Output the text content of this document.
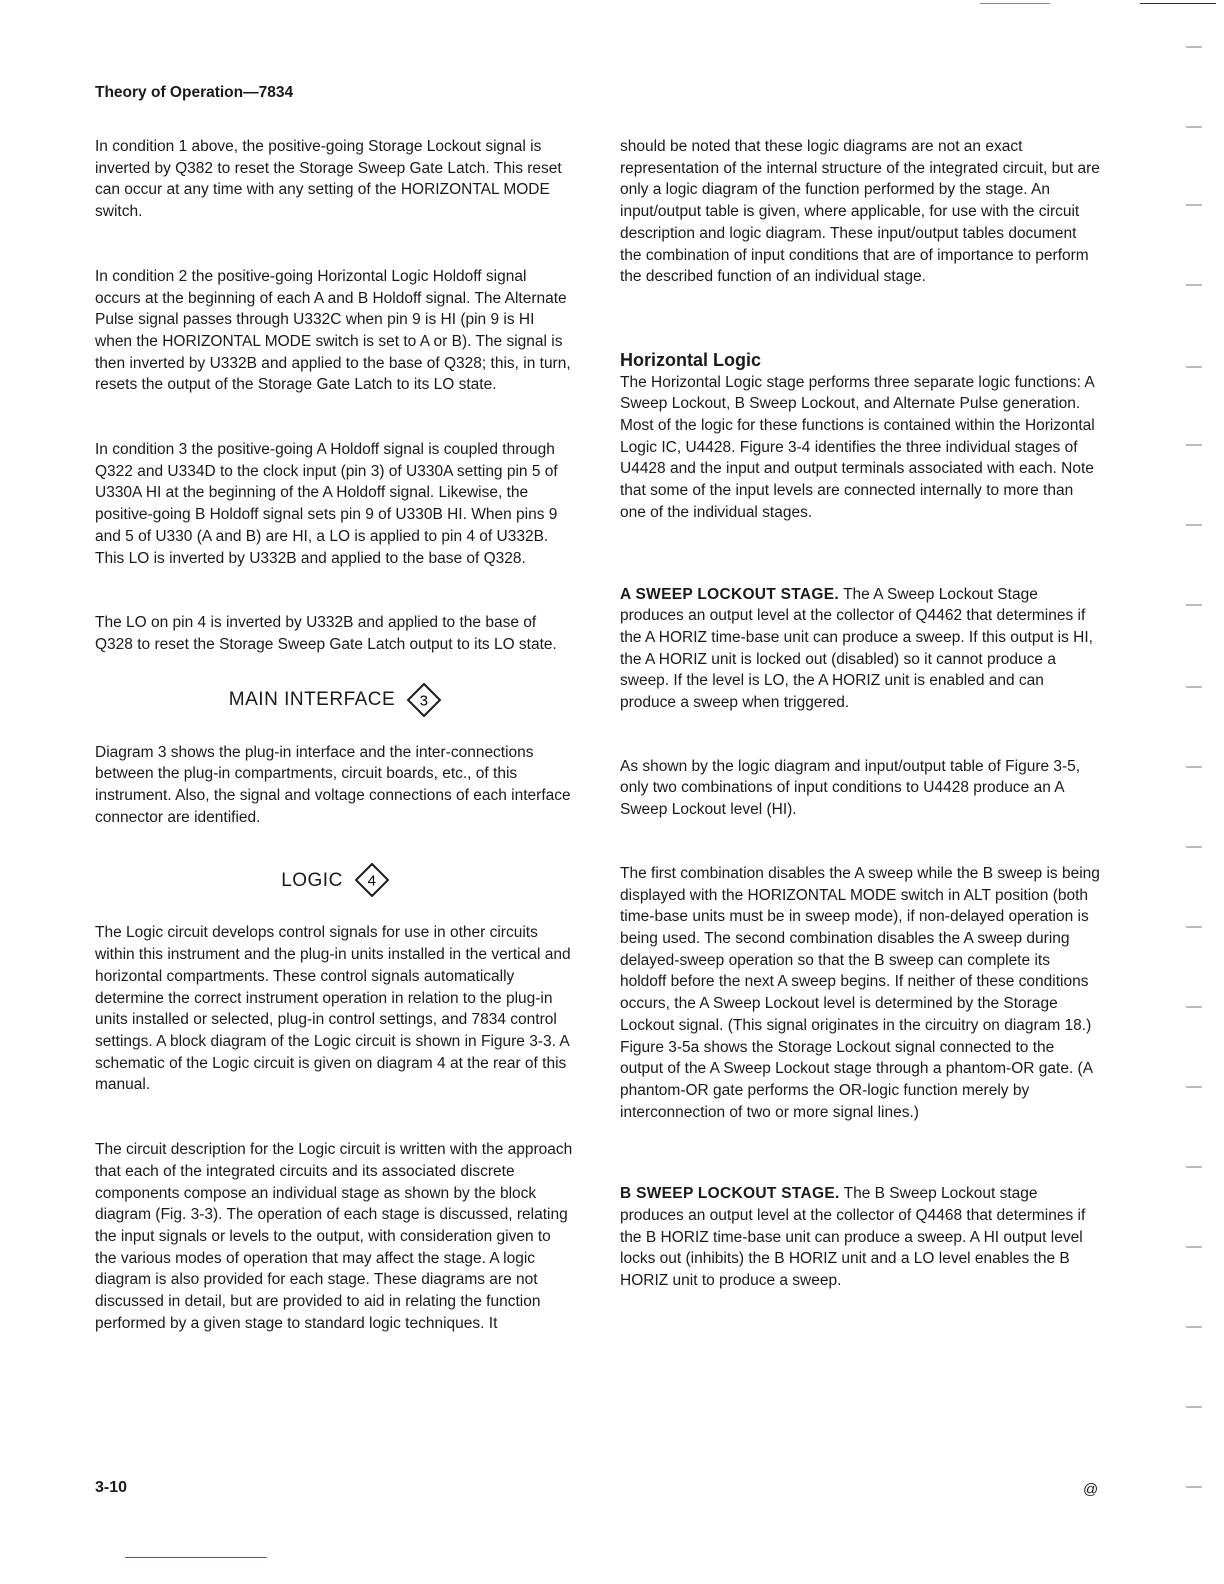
Theory of Operation—7834

In condition 1 above, the positive-going Storage Lockout signal is inverted by Q382 to reset the Storage Sweep Gate Latch. This reset can occur at any time with any setting of the HORIZONTAL MODE switch.

In condition 2 the positive-going Horizontal Logic Holdoff signal occurs at the beginning of each A and B Holdoff signal. The Alternate Pulse signal passes through U332C when pin 9 is HI (pin 9 is HI when the HORIZONTAL MODE switch is set to A or B). The signal is then inverted by U332B and applied to the base of Q328; this, in turn, resets the output of the Storage Gate Latch to its LO state.

In condition 3 the positive-going A Holdoff signal is coupled through Q322 and U334D to the clock input (pin 3) of U330A setting pin 5 of U330A HI at the beginning of the A Holdoff signal. Likewise, the positive-going B Holdoff signal sets pin 9 of U330B HI. When pins 9 and 5 of U330 (A and B) are HI, a LO is applied to pin 4 of U332B. This LO is inverted by U332B and applied to the base of Q328.

The LO on pin 4 is inverted by U332B and applied to the base of Q328 to reset the Storage Sweep Gate Latch output to its LO state.

MAIN INTERFACE 3

Diagram 3 shows the plug-in interface and the inter-connections between the plug-in compartments, circuit boards, etc., of this instrument. Also, the signal and voltage connections of each interface connector are identified.

LOGIC 4

The Logic circuit develops control signals for use in other circuits within this instrument and the plug-in units installed in the vertical and horizontal compartments. These control signals automatically determine the correct instrument operation in relation to the plug-in units installed or selected, plug-in control settings, and 7834 control settings. A block diagram of the Logic circuit is shown in Figure 3-3. A schematic of the Logic circuit is given on diagram 4 at the rear of this manual.

The circuit description for the Logic circuit is written with the approach that each of the integrated circuits and its associated discrete components compose an individual stage as shown by the block diagram (Fig. 3-3). The operation of each stage is discussed, relating the input signals or levels to the output, with consideration given to the various modes of operation that may affect the stage. A logic diagram is also provided for each stage. These diagrams are not discussed in detail, but are provided to aid in relating the function performed by a given stage to standard logic techniques. It

should be noted that these logic diagrams are not an exact representation of the internal structure of the integrated circuit, but are only a logic diagram of the function performed by the stage. An input/output table is given, where applicable, for use with the circuit description and logic diagram. These input/output tables document the combination of input conditions that are of importance to perform the described function of an individual stage.

Horizontal Logic

The Horizontal Logic stage performs three separate logic functions: A Sweep Lockout, B Sweep Lockout, and Alternate Pulse generation. Most of the logic for these functions is contained within the Horizontal Logic IC, U4428. Figure 3-4 identifies the three individual stages of U4428 and the input and output terminals associated with each. Note that some of the input levels are connected internally to more than one of the individual stages.

A SWEEP LOCKOUT STAGE. The A Sweep Lockout Stage produces an output level at the collector of Q4462 that determines if the A HORIZ time-base unit can produce a sweep. If this output is HI, the A HORIZ unit is locked out (disabled) so it cannot produce a sweep. If the level is LO, the A HORIZ unit is enabled and can produce a sweep when triggered.

As shown by the logic diagram and input/output table of Figure 3-5, only two combinations of input conditions to U4428 produce an A Sweep Lockout level (HI).

The first combination disables the A sweep while the B sweep is being displayed with the HORIZONTAL MODE switch in ALT position (both time-base units must be in sweep mode), if non-delayed operation is being used. The second combination disables the A sweep during delayed-sweep operation so that the B sweep can complete its holdoff before the next A sweep begins. If neither of these conditions occurs, the A Sweep Lockout level is determined by the Storage Lockout signal. (This signal originates in the circuitry on diagram 18.) Figure 3-5a shows the Storage Lockout signal connected to the output of the A Sweep Lockout stage through a phantom-OR gate. (A phantom-OR gate performs the OR-logic function merely by interconnection of two or more signal lines.)

B SWEEP LOCKOUT STAGE. The B Sweep Lockout stage produces an output level at the collector of Q4468 that determines if the B HORIZ time-base unit can produce a sweep. A HI output level locks out (inhibits) the B HORIZ unit and a LO level enables the B HORIZ unit to produce a sweep.

3-10	@
